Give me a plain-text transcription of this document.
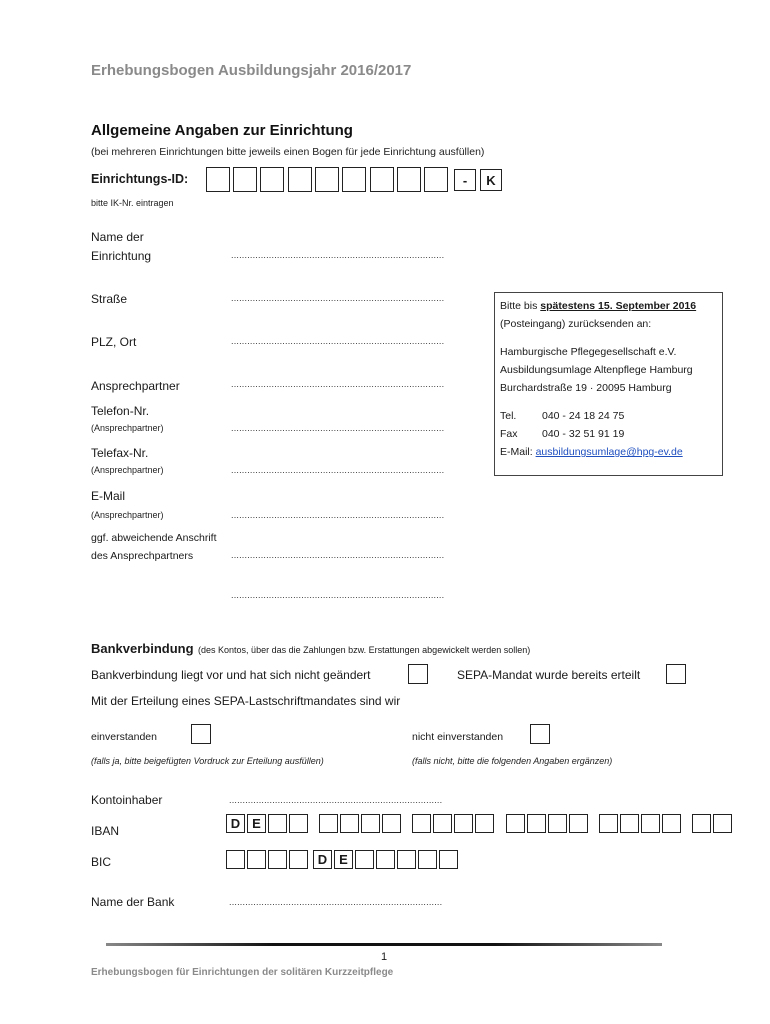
Erhebungsbogen Ausbildungsjahr 2016/2017
Allgemeine Angaben zur Einrichtung
(bei mehreren Einrichtungen bitte jeweils einen Bogen für jede Einrichtung ausfüllen)
Einrichtungs-ID:	-	K
bitte IK-Nr. eintragen
Name der
Einrichtung	...............................................................................
Straße	...............................................................................
PLZ, Ort	...............................................................................
Ansprechpartner	...............................................................................
Telefon-Nr.
(Ansprechpartner)	...............................................................................
Telefax-Nr.
(Ansprechpartner)	...............................................................................
E-Mail
(Ansprechpartner)	...............................................................................
ggf. abweichende Anschrift
des Ansprechpartners	...............................................................................
...............................................................................
Bitte bis spätestens 15. September 2016
(Posteingang) zurücksenden an:
Hamburgische Pflegegesellschaft e.V.
Ausbildungsumlage Altenpflege Hamburg
Burchardstraße 19 · 20095 Hamburg
Tel. 040 - 24 18 24 75
Fax 040 - 32 51 91 19
E-Mail: ausbildungsumlage@hpg-ev.de
Bankverbindung (des Kontos, über das die Zahlungen bzw. Erstattungen abgewickelt werden sollen)
Bankverbindung liegt vor und hat sich nicht geändert	SEPA-Mandat wurde bereits erteilt
Mit der Erteilung eines SEPA-Lastschriftmandates sind wir
einverstanden
(falls ja, bitte beigefügten Vordruck zur Erteilung ausfüllen)
nicht einverstanden
(falls nicht, bitte die folgenden Angaben ergänzen)
Kontoinhaber	...............................................................................
IBAN	D E
BIC	D E
Name der Bank	...............................................................................
1
Erhebungsbogen für Einrichtungen der solitären Kurzzeitpflege
